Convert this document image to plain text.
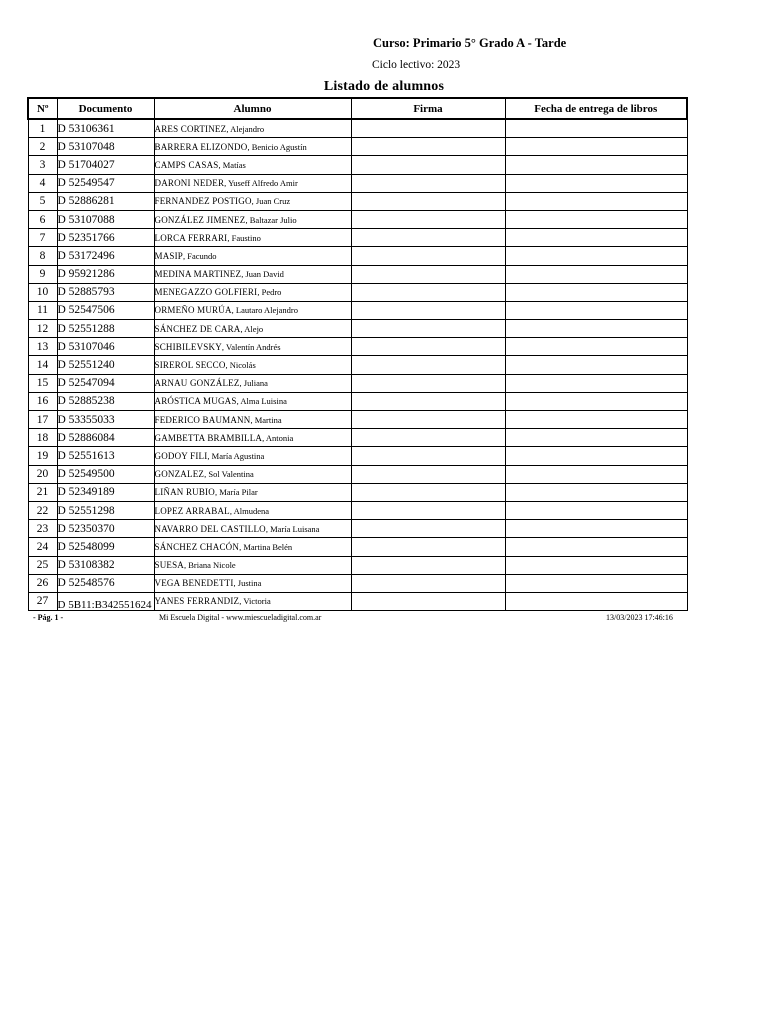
Curso: Primario 5° Grado A - Tarde
Ciclo lectivo: 2023
Listado de alumnos
Nº	Documento	Alumno	Firma	Fecha de entrega de libros
1	D 53106361	ARES CORTINEZ, Alejandro		
2	D 53107048	BARRERA ELIZONDO, Benicio Agustín		
3	D 51704027	CAMPS CASAS, Matías		
4	D 52549547	DARONI NEDER, Yuseff Alfredo Amir		
5	D 52886281	FERNANDEZ POSTIGO, Juan Cruz		
6	D 53107088	GONZÁLEZ JIMENEZ, Baltazar Julio		
7	D 52351766	LORCA FERRARI, Faustino		
8	D 53172496	MASIP, Facundo		
9	D 95921286	MEDINA MARTINEZ, Juan David		
10	D 52885793	MENEGAZZO GOLFIERI, Pedro		
11	D 52547506	ORMEÑO MURÚA, Lautaro Alejandro		
12	D 52551288	SÁNCHEZ DE CARA, Alejo		
13	D 53107046	SCHIBILEVSKY, Valentín Andrés		
14	D 52551240	SIREROL SECCO, Nicolás		
15	D 52547094	ARNAU GONZÁLEZ, Juliana		
16	D 52885238	ARÓSTICA MUGAS, Alma Luisina		
17	D 53355033	FEDERICO BAUMANN, Martina		
18	D 52886084	GAMBETTA BRAMBILLA, Antonia		
19	D 52551613	GODOY FILI, María Agustina		
20	D 52549500	GONZALEZ, Sol Valentina		
21	D 52349189	LIÑAN RUBIO, María Pilar		
22	D 52551298	LOPEZ ARRABAL, Almudena		
23	D 52350370	NAVARRO DEL CASTILLO, María Luisana		
24	D 52548099	SÁNCHEZ CHACÓN, Martina Belén		
25	D 53108382	SUESA, Briana Nicole		
26	D 52548576	VEGA BENEDETTI, Justina		
27	D 5B11:B342551624	YANES FERRANDIZ, Victoria		
- Pág. 1 -	Mi Escuela Digital - www.miescueladigital.com.ar	13/03/2023 17:46:16
